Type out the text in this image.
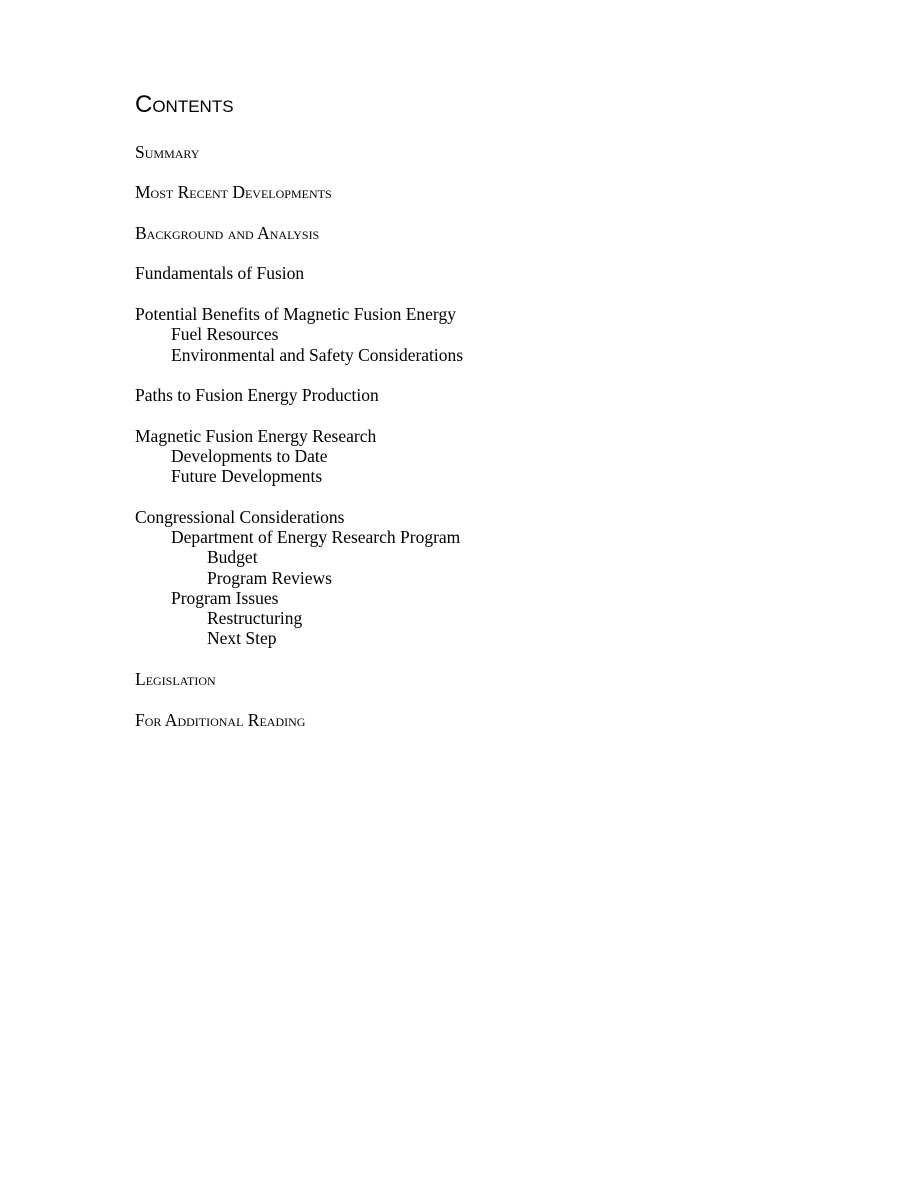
Contents
Summary
Most Recent Developments
Background and Analysis
Fundamentals of Fusion
Potential Benefits of Magnetic Fusion Energy
Fuel Resources
Environmental and Safety Considerations
Paths to Fusion Energy Production
Magnetic Fusion Energy Research
Developments to Date
Future Developments
Congressional Considerations
Department of Energy Research Program
Budget
Program Reviews
Program Issues
Restructuring
Next Step
Legislation
For Additional Reading
